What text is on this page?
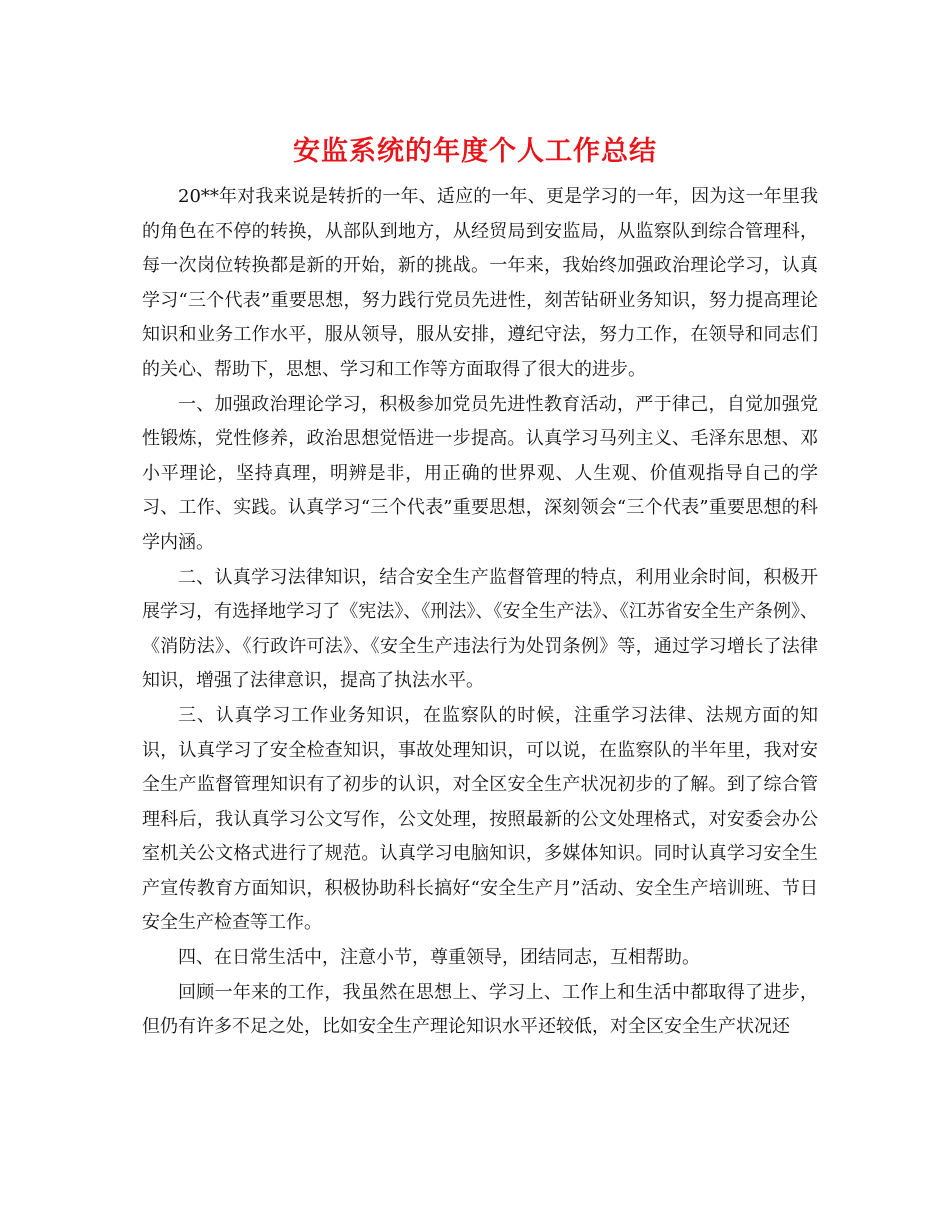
安监系统的年度个人工作总结

20**年对我来说是转折的一年、适应的一年、更是学习的一年，因为这一年里我的角色在不停的转换，从部队到地方，从经贸局到安监局，从监察队到综合管理科，每一次岗位转换都是新的开始，新的挑战。一年来，我始终加强政治理论学习，认真学习“三个代表”重要思想，努力践行党员先进性，刻苦钻研业务知识，努力提高理论知识和业务工作水平，服从领导，服从安排，遵纪守法，努力工作，在领导和同志们的关心、帮助下，思想、学习和工作等方面取得了很大的进步。

一、加强政治理论学习，积极参加党员先进性教育活动，严于律己，自觉加强党性锻炼，党性修养，政治思想觉悟进一步提高。认真学习马列主义、毛泽东思想、邓小平理论，坚持真理，明辨是非，用正确的世界观、人生观、价值观指导自己的学习、工作、实践。认真学习“三个代表”重要思想，深刻领会“三个代表”重要思想的科学内涵。

二、认真学习法律知识，结合安全生产监督管理的特点，利用业余时间，积极开展学习，有选择地学习了《宪法》、《刑法》、《安全生产法》、《江苏省安全生产条例》、《消防法》、《行政许可法》、《安全生产违法行为处罚条例》等，通过学习增长了法律知识，增强了法律意识，提高了执法水平。

三、认真学习工作业务知识，在监察队的时候，注重学习法律、法规方面的知识，认真学习了安全检查知识，事故处理知识，可以说，在监察队的半年里，我对安全生产监督管理知识有了初步的认识，对全区安全生产状况初步的了解。到了综合管理科后，我认真学习公文写作，公文处理，按照最新的公文处理格式，对安委会办公室机关公文格式进行了规范。认真学习电脑知识，多媒体知识。同时认真学习安全生产宣传教育方面知识，积极协助科长搞好“安全生产月”活动、安全生产培训班、节日安全生产检查等工作。

四、在日常生活中，注意小节，尊重领导，团结同志，互相帮助。

回顾一年来的工作，我虽然在思想上、学习上、工作上和生活中都取得了进步，但仍有许多不足之处，比如安全生产理论知识水平还较低，对全区安全生产状况还
